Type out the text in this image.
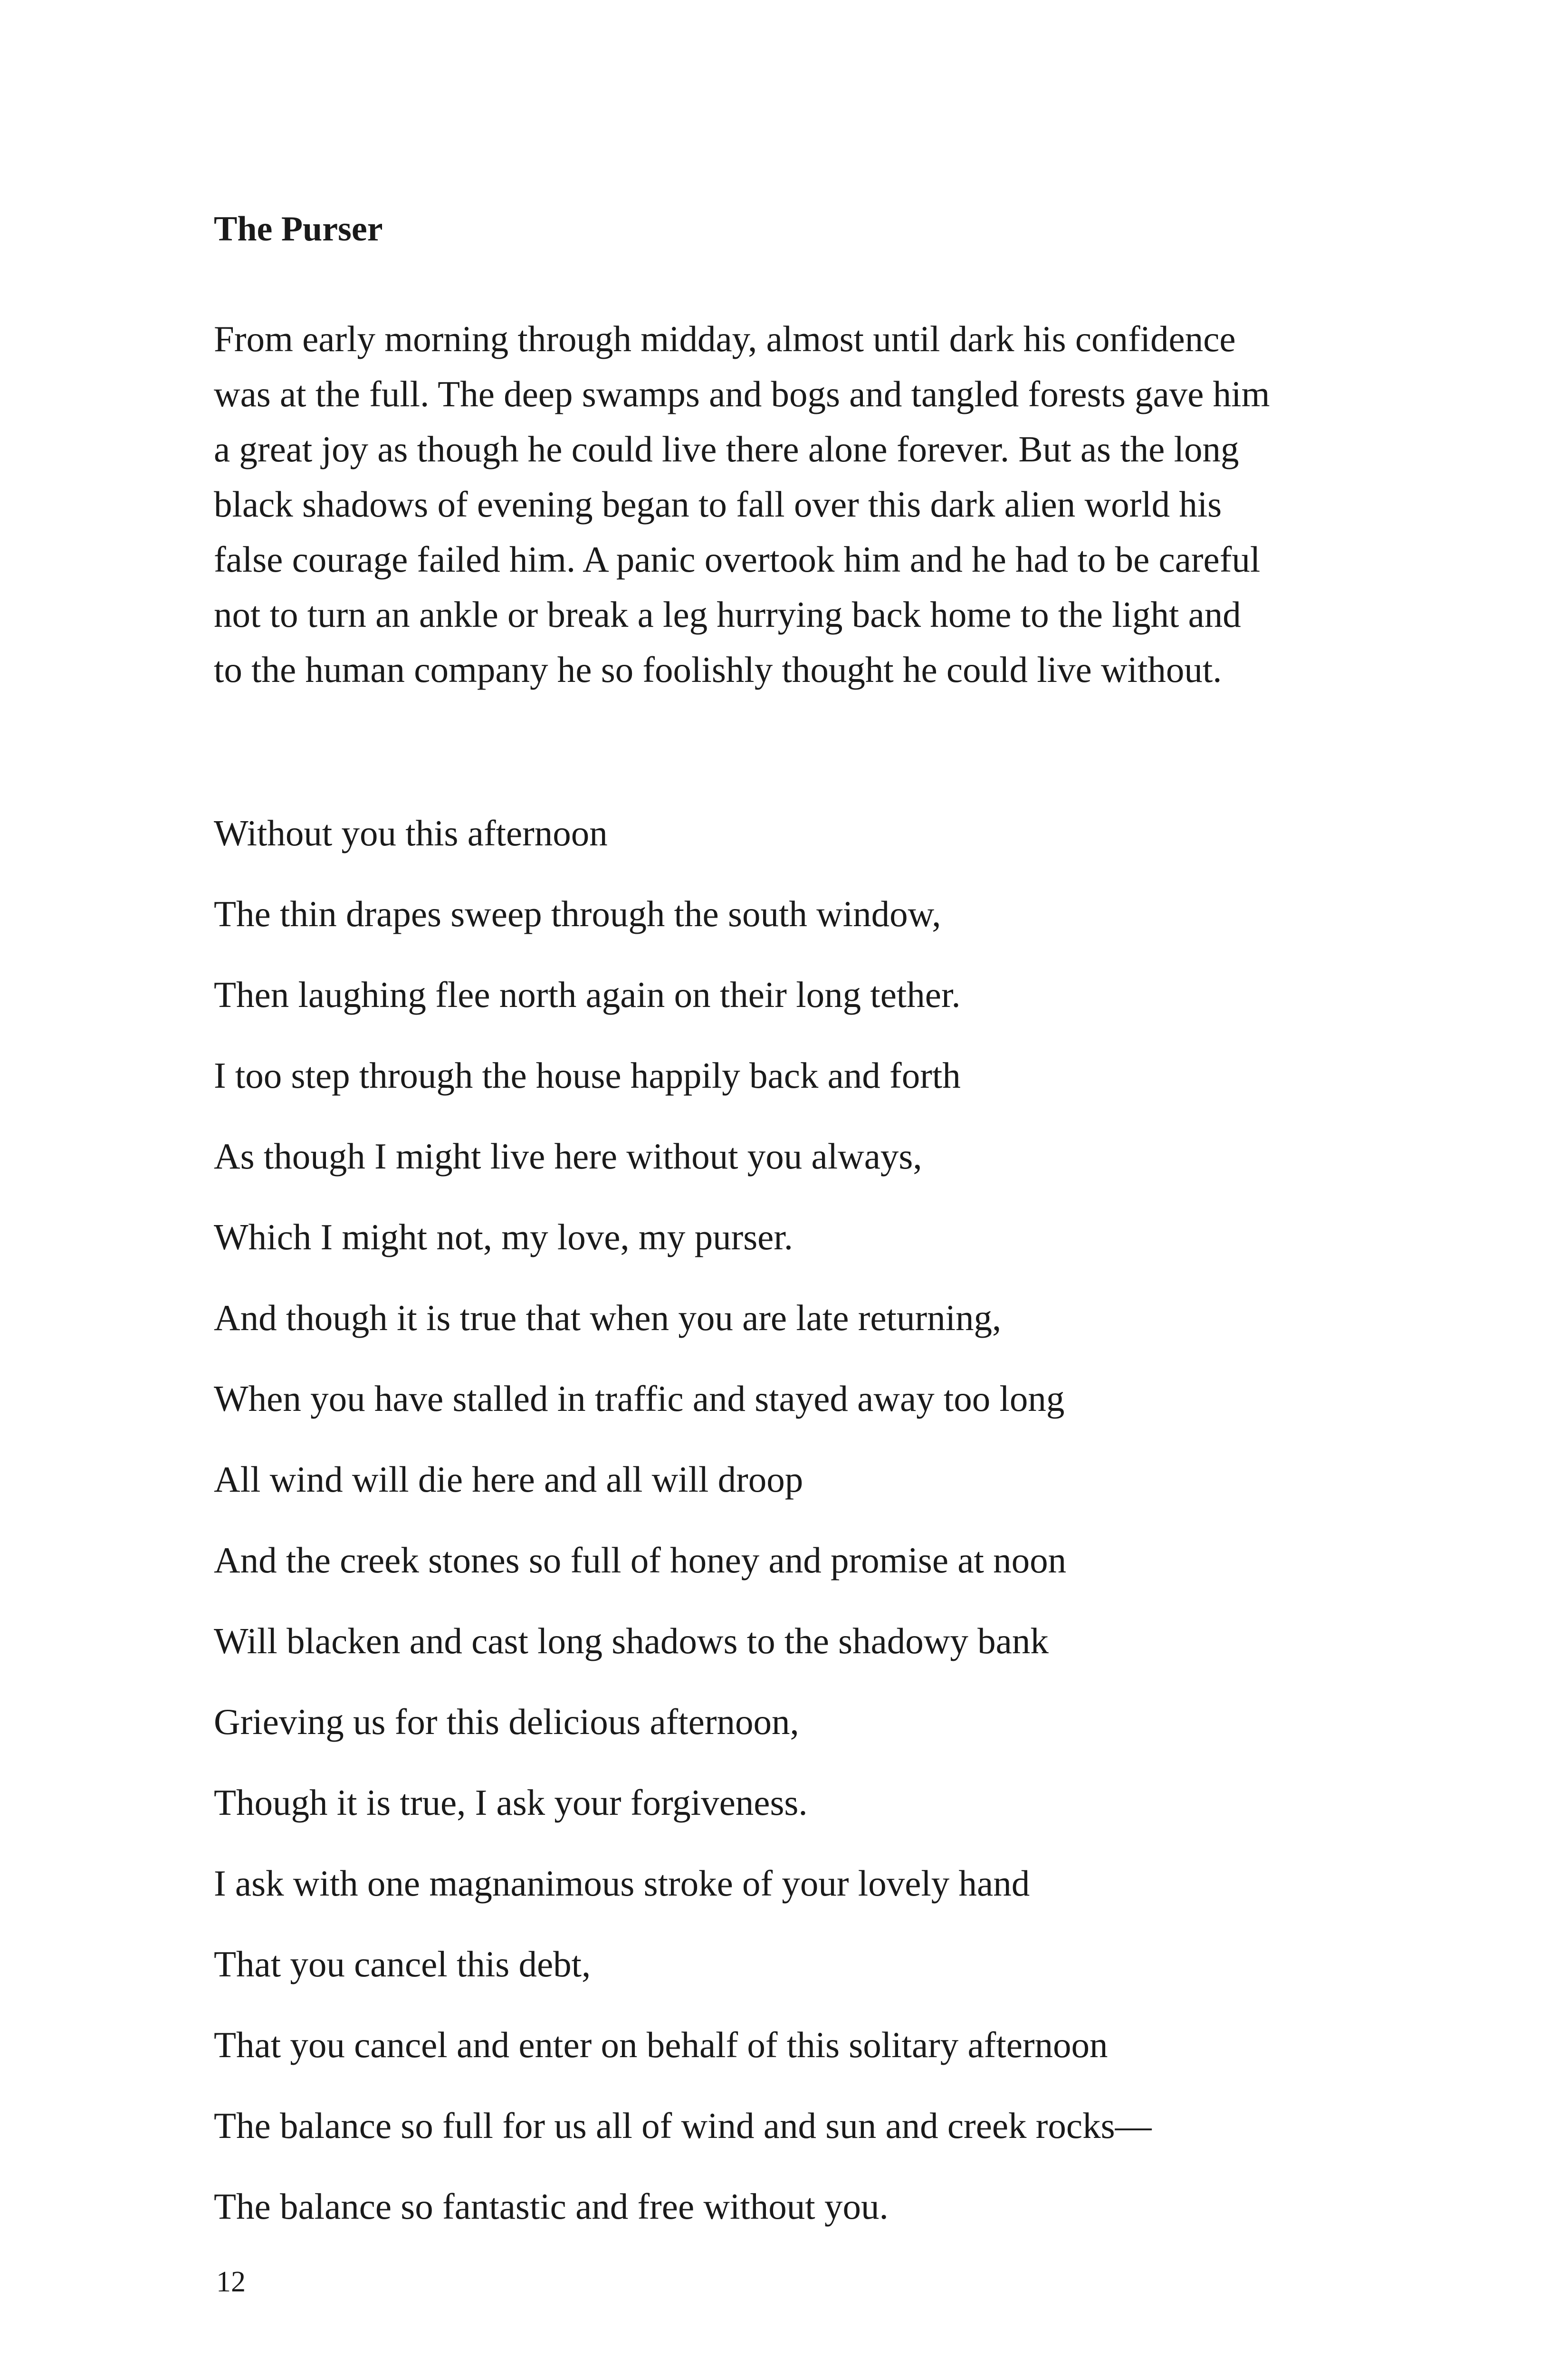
The Purser

From early morning through midday, almost until dark his confidence
was at the full. The deep swamps and bogs and tangled forests gave him
a great joy as though he could live there alone forever. But as the long
black shadows of evening began to fall over this dark alien world his
false courage failed him. A panic overtook him and he had to be careful
not to turn an ankle or break a leg hurrying back home to the light and
to the human company he so foolishly thought he could live without.

Without you this afternoon
The thin drapes sweep through the south window,
Then laughing flee north again on their long tether.
I too step through the house happily back and forth
As though I might live here without you always,
Which I might not, my love, my purser.
And though it is true that when you are late returning,
When you have stalled in traffic and stayed away too long
All wind will die here and all will droop
And the creek stones so full of honey and promise at noon
Will blacken and cast long shadows to the shadowy bank
Grieving us for this delicious afternoon,
Though it is true, I ask your forgiveness.
I ask with one magnanimous stroke of your lovely hand
That you cancel this debt,
That you cancel and enter on behalf of this solitary afternoon
The balance so full for us all of wind and sun and creek rocks—
The balance so fantastic and free without you.
12
